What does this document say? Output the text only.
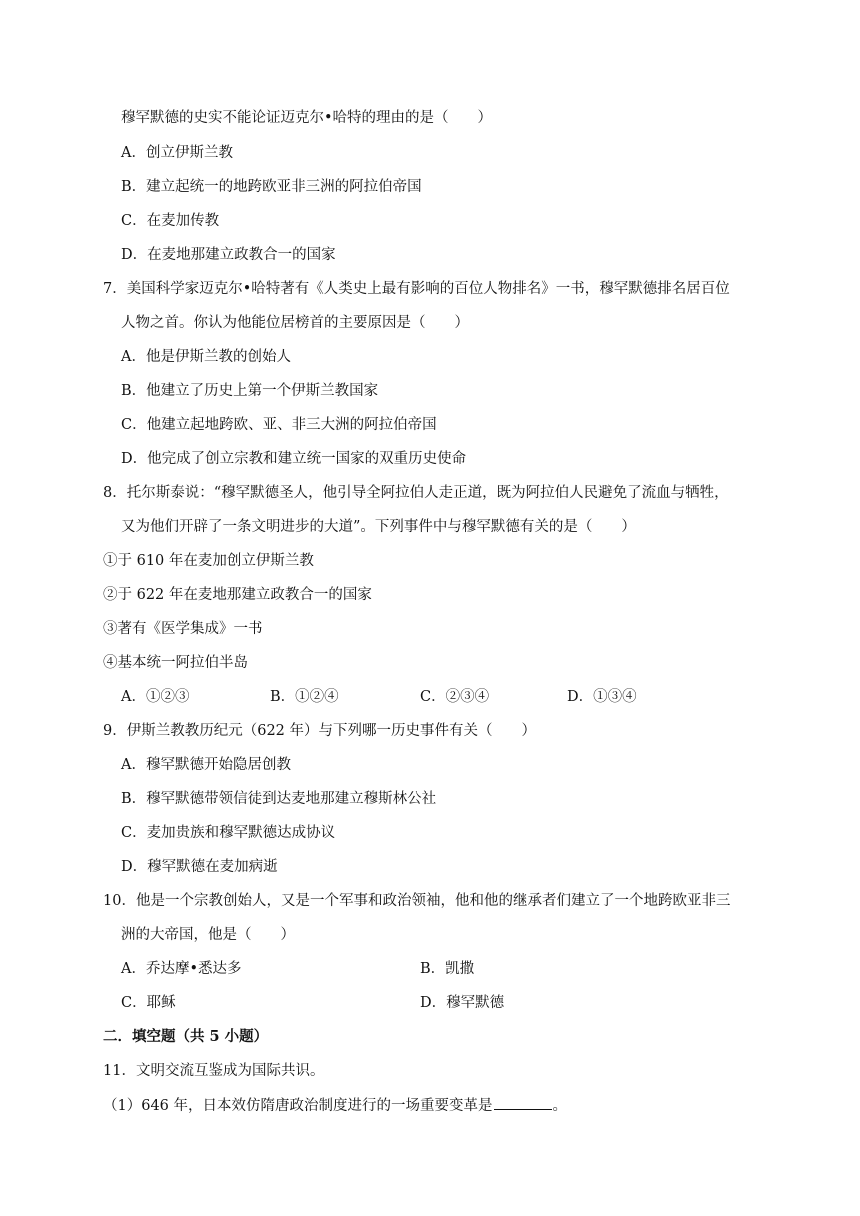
穆罕默德的史实不能论证迈克尔•哈特的理由的是（　　）
A．创立伊斯兰教
B．建立起统一的地跨欧亚非三洲的阿拉伯帝国
C．在麦加传教
D．在麦地那建立政教合一的国家
7．美国科学家迈克尔•哈特著有《人类史上最有影响的百位人物排名》一书，穆罕默德排名居百位
人物之首。你认为他能位居榜首的主要原因是（　　）
A．他是伊斯兰教的创始人
B．他建立了历史上第一个伊斯兰教国家
C．他建立起地跨欧、亚、非三大洲的阿拉伯帝国
D．他完成了创立宗教和建立统一国家的双重历史使命
8．托尔斯泰说：“穆罕默德圣人，他引导全阿拉伯人走正道，既为阿拉伯人民避免了流血与牺牲，
又为他们开辟了一条文明进步的大道”。下列事件中与穆罕默德有关的是（　　）
①于 610 年在麦加创立伊斯兰教
②于 622 年在麦地那建立政教合一的国家
③著有《医学集成》一书
④基本统一阿拉伯半岛
A．①②③	B．①②④	C．②③④	D．①③④
9．伊斯兰教教历纪元（622 年）与下列哪一历史事件有关（　　）
A．穆罕默德开始隐居创教
B．穆罕默德带领信徒到达麦地那建立穆斯林公社
C．麦加贵族和穆罕默德达成协议
D．穆罕默德在麦加病逝
10．他是一个宗教创始人，又是一个军事和政治领袖，他和他的继承者们建立了一个地跨欧亚非三
洲的大帝国，他是（　　）
A．乔达摩•悉达多	B．凯撒
C．耶稣	D．穆罕默德
二．填空题（共 5 小题）
11．文明交流互鉴成为国际共识。
（1）646 年，日本效仿隋唐政治制度进行的一场重要变革是	。
